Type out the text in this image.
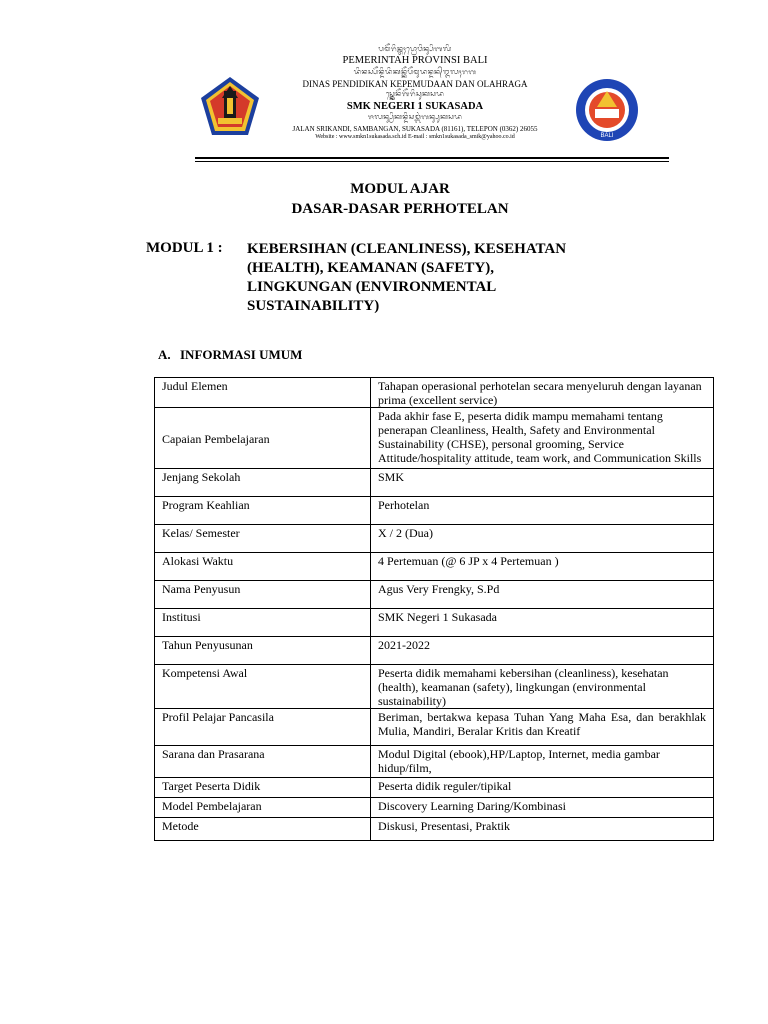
ᬧᬫᭂᬭᬶᬦ᭄ᬢᬄᬧ᭄ᬭᭀᬯᬶᬦ᭄ᬲᬶᬩᬮᬶ
PEMERINTAH PROVINSI BALI
ᬤᬶᬦᬲ᭄ᬧᭂᬦ᭄ᬤᬶᬤᬶᬓᬦ᭄ᬓᭂᬧᭂᬫᬸᬤᬦ᭄ᬤᬦ᭄ᬑᬮᬄᬭᬕ
DINAS PENDIDIKAN KEPEMUDAAN DAN OLAHRAGA
ᬲ᭄ᬫ᭄ᬓᬾᬦᭂᬕᭂᬭᬶᬲᬸᬓᬲᬤ
SMK NEGERI 1 SUKASADA
ᬚᬮᬦ᭄ᬲ᭄ᬭᬶᬓᬦ᭄ᬤᬶᬲᬫ᭄ᬩᬂᬕᬦ᭄ᬲᬸᬓᬲᬤ
JALAN SRIKANDI, SAMBANGAN, SUKASADA (81161), TELEPON (0362) 26055
Website : www.smkn1sukasada.sch.id E-mail : smkn1sukasada_smik@yahoo.co.id	BALI
MODUL AJAR
DASAR-DASAR PERHOTELAN
MODUL 1 : KEBERSIHAN (CLEANLINESS), KESEHATAN
(HEALTH), KEAMANAN (SAFETY),
LINGKUNGAN (ENVIRONMENTAL
SUSTAINABILITY)
A. INFORMASI UMUM
Judul Elemen	Tahapan operasional perhotelan secara menyeluruh dengan layanan prima (excellent service)
Capaian Pembelajaran	Pada akhir fase E, peserta didik mampu memahami tentang penerapan Cleanliness, Health, Safety and Environmental Sustainability (CHSE), personal grooming, Service Attitude/hospitality attitude, team work, and Communication Skills
Jenjang Sekolah	SMK
Program Keahlian	Perhotelan
Kelas/ Semester	X / 2 (Dua)
Alokasi Waktu	4 Pertemuan (@ 6 JP x 4 Pertemuan )
Nama Penyusun	Agus Very Frengky, S.Pd
Institusi	SMK Negeri 1 Sukasada
Tahun Penyusunan	2021-2022
Kompetensi Awal	Peserta didik memahami kebersihan (cleanliness), kesehatan (health), keamanan (safety), lingkungan (environmental sustainability)
Profil Pelajar Pancasila	Beriman, bertakwa kepasa Tuhan Yang Maha Esa, dan berakhlak Mulia, Mandiri, Beralar Kritis dan Kreatif
Sarana dan Prasarana	Modul Digital (ebook),HP/Laptop, Internet, media gambar hidup/film,
Target Peserta Didik	Peserta didik reguler/tipikal
Model Pembelajaran	Discovery Learning Daring/Kombinasi
Metode	Diskusi, Presentasi, Praktik
